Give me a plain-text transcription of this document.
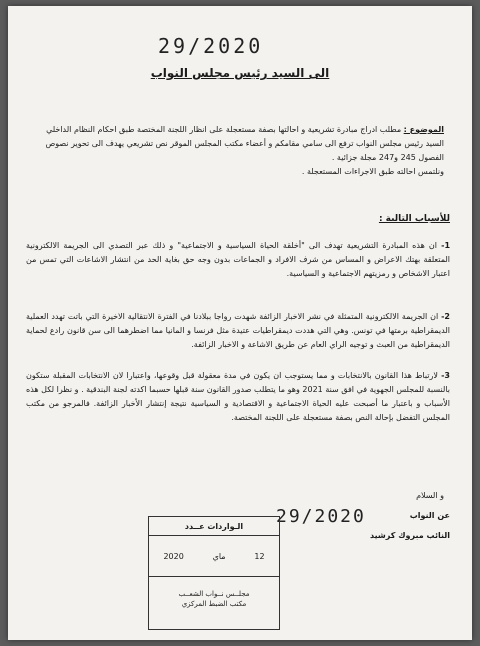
29/2020
الى السيد رئيس مجلس النواب
الموضوع : مطلب ادراج مبادرة تشريعية و احالتها بصفة مستعجلة على انظار اللجنة المختصة طبق احكام النظام الداخلي
السيد رئيس مجلس النواب ترفع الى سامي مقامكم و أعضاء مكتب المجلس الموقر نص تشريعي يهدف الى تحوير نصوص الفصول 245 و247 مجلة جزائية .
ونلتمس احالته طبق الاجراءات المستعجلة .
للأسباب التالية :
1- ان هذه المبادرة التشريعية تهدف الى "أخلقة الحياة السياسية و الاجتماعية" و ذلك عبر التصدي الى الجريمة الالكترونية المتعلقة بهتك الاعراض و المساس من شرف الافراد و الجماعات بدون وجه حق بغاية الحد من انتشار الاشاعات التي تمس من اعتبار الاشخاص و رمزيتهم الاجتماعية و السياسية.
2- ان الجريمة الالكترونية المتمثلة في نشر الاخبار الزائفة شهدت رواجا ببلادنا في الفترة الانتقالية الاخيرة التي باتت تهدد العملية الديمقراطية برمتها في تونس. وهي التي هددت ديمقراطيات عتيدة مثل فرنسا و المانيا مما اضطرهما الى سن قانون رادع لحماية الديمقراطية من العبث و توجيه الراي العام عن طريق الاشاعة و الاخبار الزائفة.
3- لارتباط هذا القانون بالانتخابات و مما يستوجب ان يكون في مدة معقولة قبل وقوعها، واعتبارا لان الانتخابات المقبلة ستكون بالنسبة للمجلس الجهوية في افق سنة 2021 وهو ما يتطلب صدور القانون سنة قبلها حسبما اكدته لجنة البندقية . و نظرا لكل هذه الأسباب و باعتبار ما أصبحت عليه الحياة الاجتماعية و الاقتصادية و السياسية نتيجة إنتشار الأخبار الزائفة. فالمرجو من مكتب المجلس التفضل بإحالة النص بصفة مستعجلة على اللجنة المختصة.
و السلام
عن النواب
النائب مبروك كرشيد
29/2020
الـواردات عــدد
12
ماي
2020
مجلــس نــواب الشعــب
مكتب الضبط المركزي
